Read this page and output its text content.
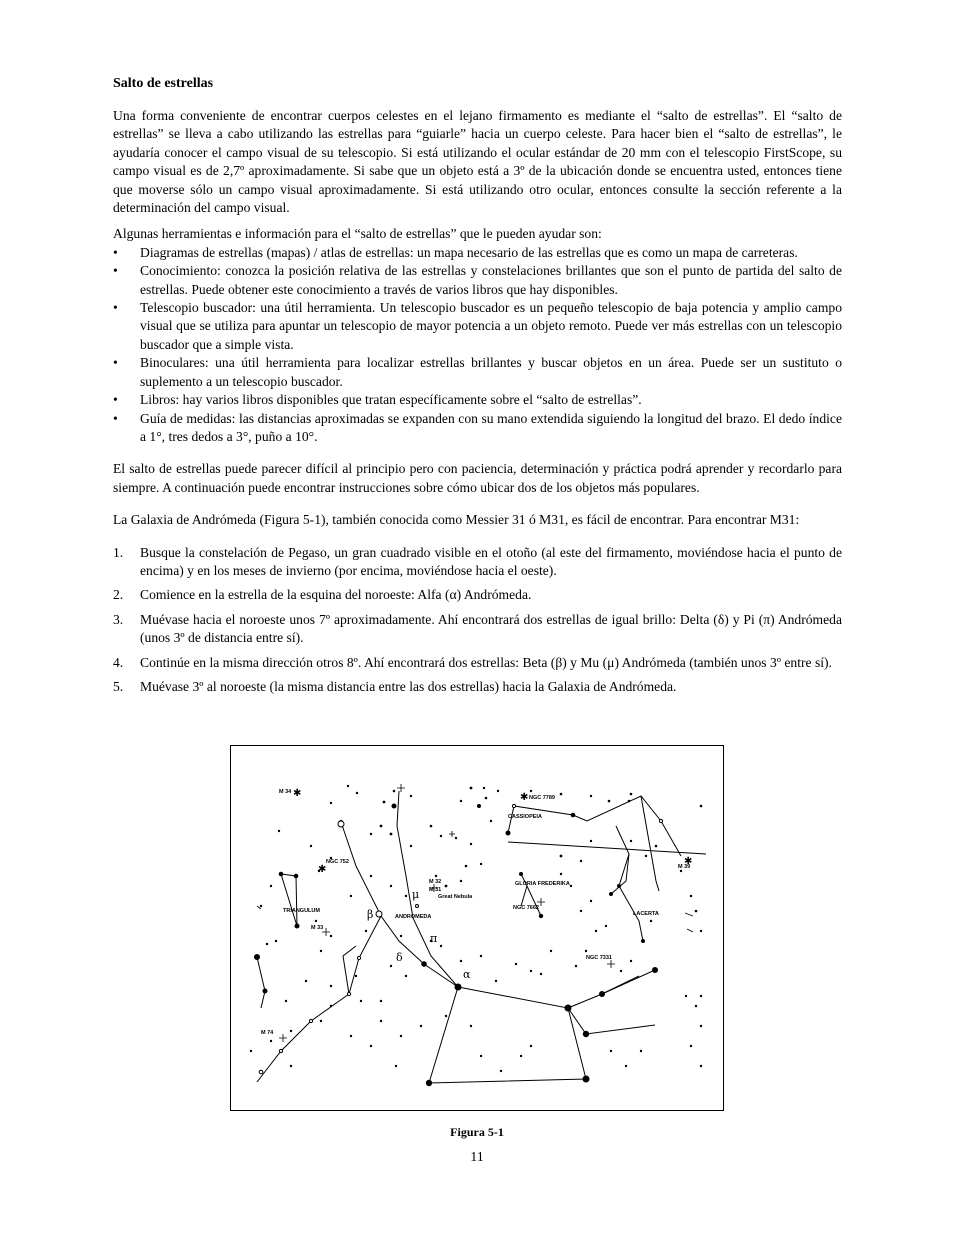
Salto de estrellas

Una forma conveniente de encontrar cuerpos celestes en el lejano firmamento es mediante el “salto de estrellas”. El “salto de estrellas” se lleva a cabo utilizando las estrellas para “guiarle” hacia un cuerpo celeste. Para hacer bien el “salto de estrellas”, le ayudaría conocer el campo visual de su telescopio. Si está utilizando el ocular estándar de 20 mm con el telescopio FirstScope, su campo visual es de 2,7º aproximadamente. Si sabe que un objeto está a 3º de la ubicación donde se encuentra usted, entonces tiene que moverse sólo un campo visual aproximadamente. Si está utilizando otro ocular, entonces consulte la sección referente a la determinación del campo visual.

Algunas herramientas e información para el “salto de estrellas” que le pueden ayudar son:

• Diagramas de estrellas (mapas) / atlas de estrellas: un mapa necesario de las estrellas que es como un mapa de carreteras.
• Conocimiento: conozca la posición relativa de las estrellas y constelaciones brillantes que son el punto de partida del salto de estrellas. Puede obtener este conocimiento a través de varios libros que hay disponibles.
• Telescopio buscador: una útil herramienta. Un telescopio buscador es un pequeño telescopio de baja potencia y amplio campo visual que se utiliza para apuntar un telescopio de mayor potencia a un objeto remoto. Puede ver más estrellas con un telescopio buscador que a simple vista.
• Binoculares: una útil herramienta para localizar estrellas brillantes y buscar objetos en un área. Puede ser un sustituto o suplemento a un telescopio buscador.
• Libros: hay varios libros disponibles que tratan específicamente sobre el “salto de estrellas”.
• Guía de medidas: las distancias aproximadas se expanden con su mano extendida siguiendo la longitud del brazo. El dedo índice a 1°, tres dedos a 3°, puño a 10°.

El salto de estrellas puede parecer difícil al principio pero con paciencia, determinación y práctica podrá aprender y recordarlo para siempre. A continuación puede encontrar instrucciones sobre cómo ubicar dos de los objetos más populares.

La Galaxia de Andrómeda (Figura 5-1), también conocida como Messier 31 ó M31, es fácil de encontrar. Para encontrar M31:

1. Busque la constelación de Pegaso, un gran cuadrado visible en el otoño (al este del firmamento, moviéndose hacia el punto de encima) y en los meses de invierno (por encima, moviéndose hacia el oeste).
2. Comience en la estrella de la esquina del noroeste: Alfa (α) Andrómeda.
3. Muévase hacia el noroeste unos 7º aproximadamente. Ahí encontrará dos estrellas de igual brillo: Delta (δ) y Pi (π) Andrómeda (unos 3º de distancia entre sí).
4. Continúe en la misma dirección otros 8º. Ahí encontrará dos estrellas: Beta (β) y Mu (μ) Andrómeda (también unos 3º entre sí).
5. Muévase 3º al noroeste (la misma distancia entre las dos estrellas) hacia la Galaxia de Andrómeda.
✱	✱
✱
✱
M 34
NGC 7789
CASSIOPEIA
NGC 752
M 32
M 31
Great Nebula
GLORIA FREDERIKA
NGC 7662
M 39
TRIANGULUM
ANDROMEDA	LACERTA
M 33
NGC 7331
M 74
μ
β
δ
π
α
Figura 5-1
11
